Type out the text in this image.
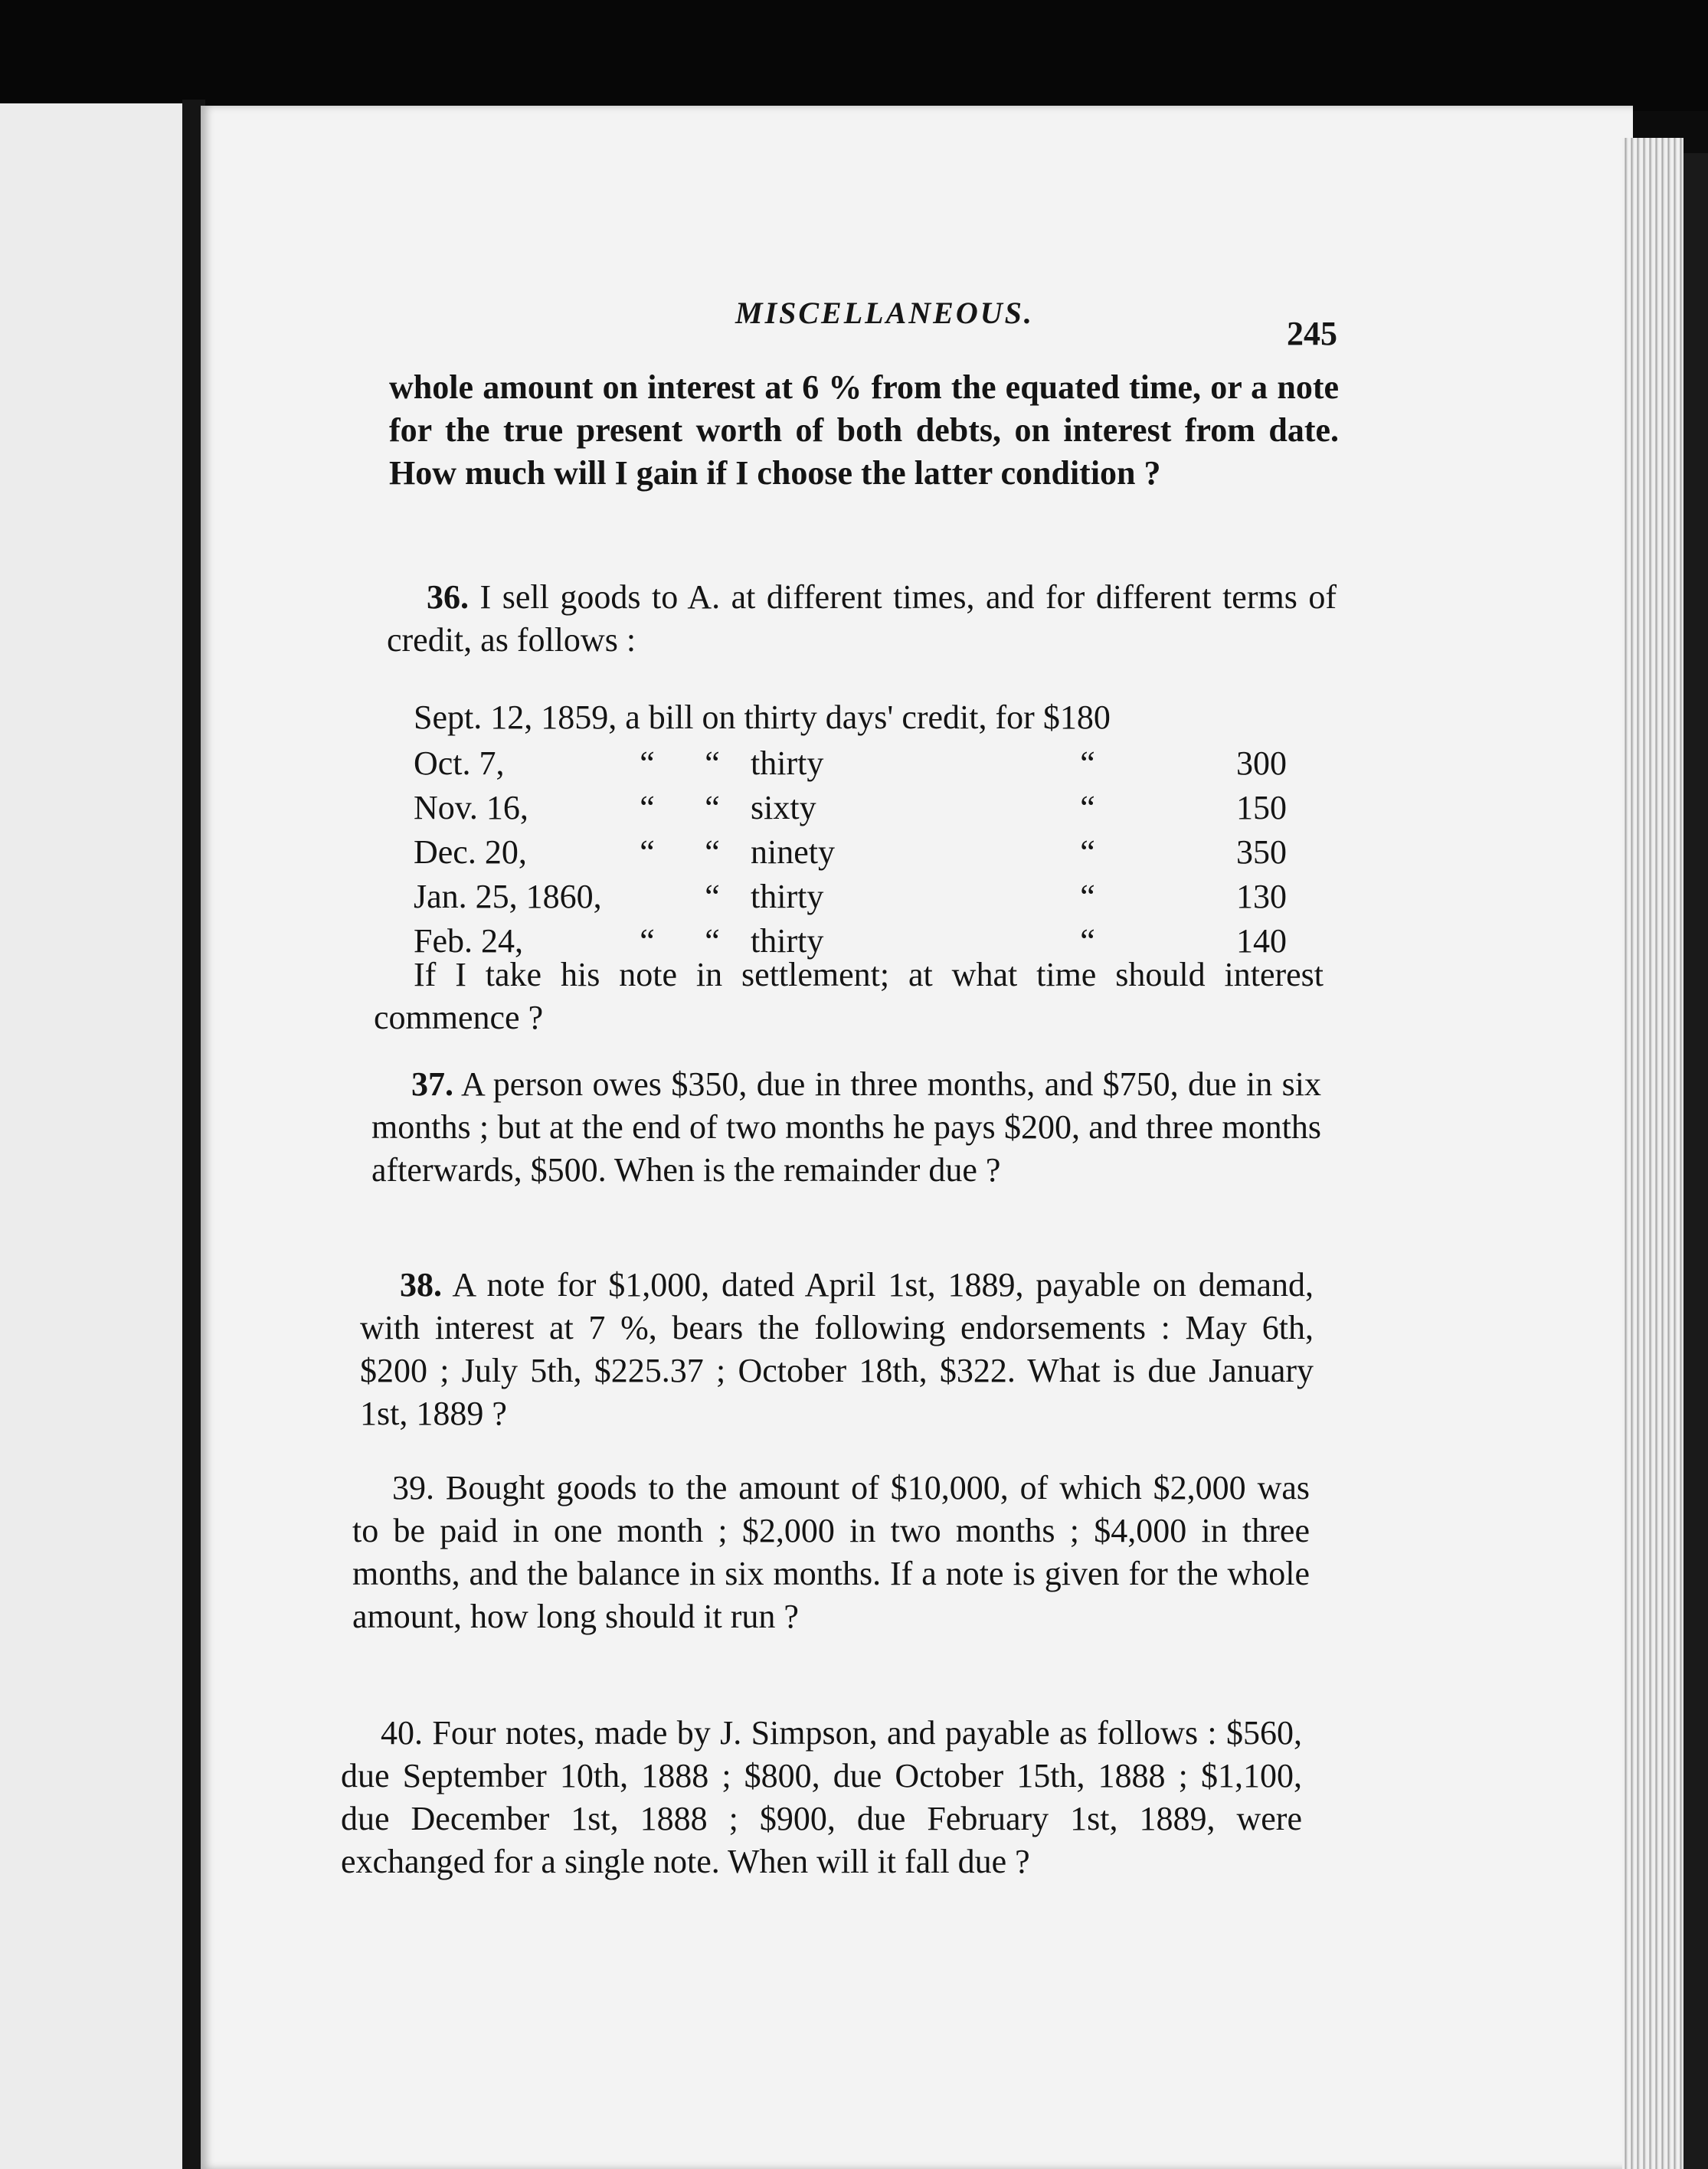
MISCELLANEOUS.
245

whole amount on interest at 6 % from the equated time, or a note for the true present worth of both debts, on interest from date. How much will I gain if I choose the latter condition ?

36. I sell goods to A. at different times, and for different terms of credit, as follows :

Sept. 12, 1859, a bill on thirty days' credit, for $180					
Oct. 7,	“	“	thirty	“	300
Nov. 16,	“	“	sixty	“	150
Dec. 20,	“	“	ninety	“	350
Jan. 25, 1860,		“	thirty	“	130
Feb. 24,	“	“	thirty	“	140

If I take his note in settlement; at what time should interest commence ?

37. A person owes $350, due in three months, and $750, due in six months ; but at the end of two months he pays $200, and three months afterwards, $500. When is the remainder due ?

38. A note for $1,000, dated April 1st, 1889, payable on demand, with interest at 7 %, bears the following endorsements : May 6th, $200 ; July 5th, $225.37 ; October 18th, $322. What is due January 1st, 1889 ?

39. Bought goods to the amount of $10,000, of which $2,000 was to be paid in one month ; $2,000 in two months ; $4,000 in three months, and the balance in six months. If a note is given for the whole amount, how long should it run ?

40. Four notes, made by J. Simpson, and payable as follows : $560, due September 10th, 1888 ; $800, due October 15th, 1888 ; $1,100, due December 1st, 1888 ; $900, due February 1st, 1889, were exchanged for a single note. When will it fall due ?
